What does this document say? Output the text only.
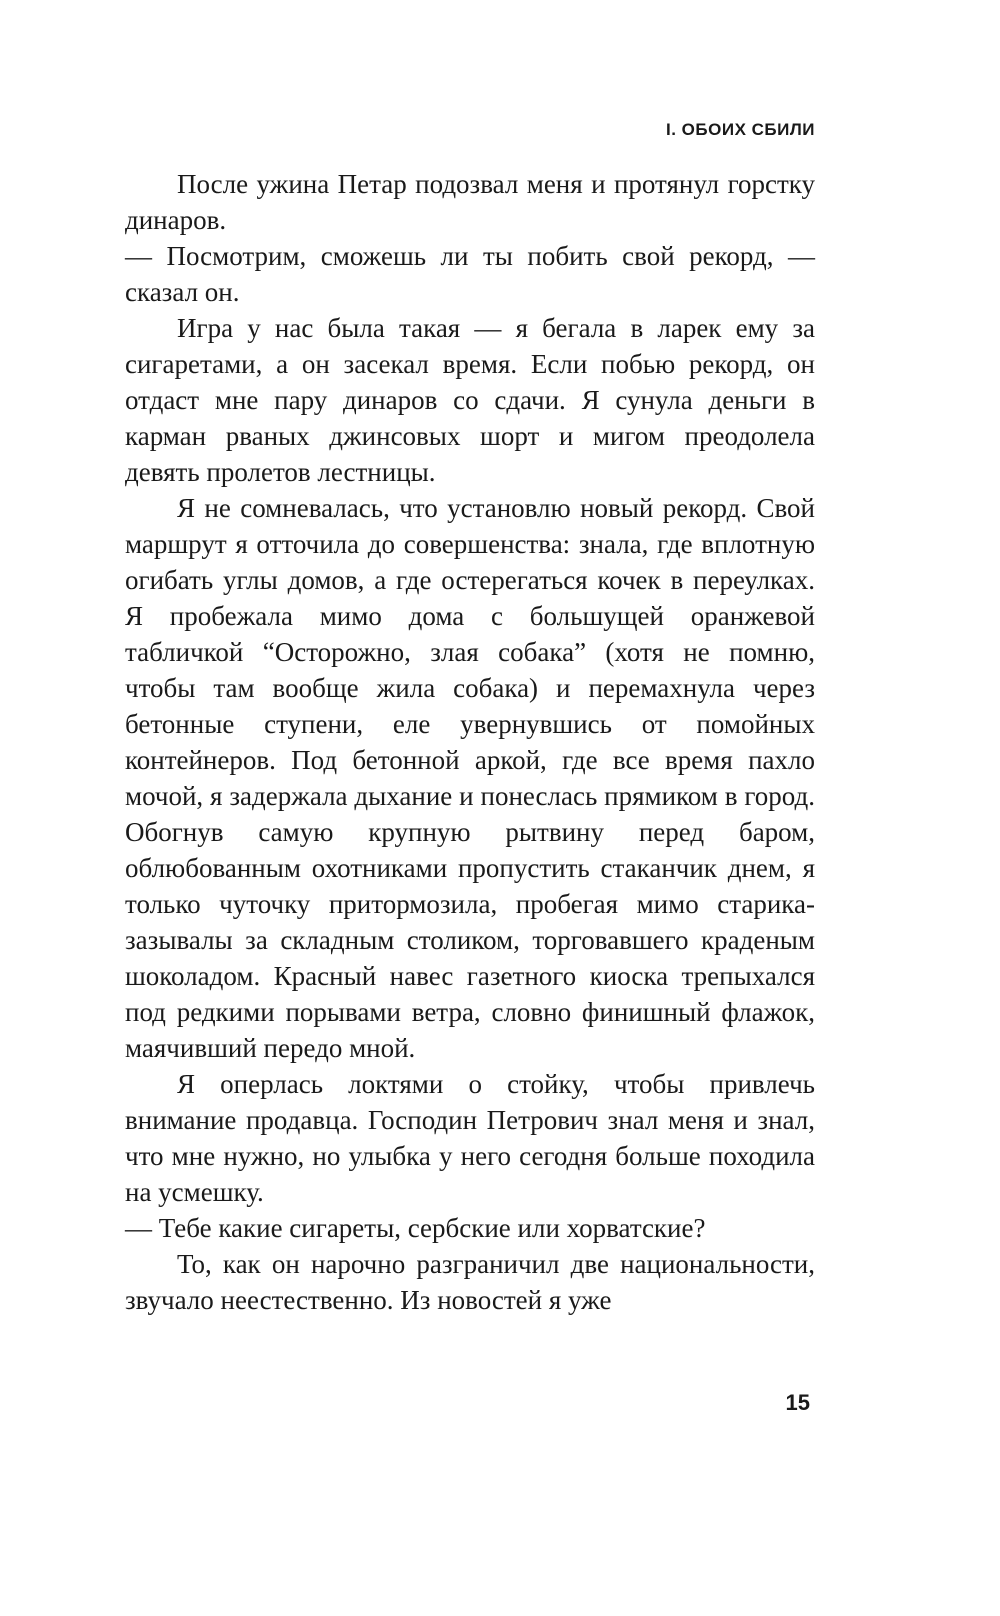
I. ОБОИХ СБИЛИ

После ужина Петар подозвал меня и протянул горстку динаров.

— Посмотрим, сможешь ли ты побить свой рекорд, — сказал он.

Игра у нас была такая — я бегала в ларек ему за сигаретами, а он засекал время. Если побью рекорд, он отдаст мне пару динаров со сдачи. Я сунула деньги в карман рваных джинсовых шорт и мигом преодолела девять пролетов лестницы.

Я не сомневалась, что установлю новый рекорд. Свой маршрут я отточила до совершенства: знала, где вплотную огибать углы домов, а где остерегаться кочек в переулках. Я пробежала мимо дома с большущей оранжевой табличкой “Осторожно, злая собака” (хотя не помню, чтобы там вообще жила собака) и перемахнула через бетонные ступени, еле увернувшись от помойных контейнеров. Под бетонной аркой, где все время пахло мочой, я задержала дыхание и понеслась прямиком в город. Обогнув самую крупную рытвину перед баром, облюбованным охотниками пропустить стаканчик днем, я только чуточку притормозила, пробегая мимо старика-зазывалы за складным столиком, торговавшего краденым шоколадом. Красный навес газетного киоска трепыхался под редкими порывами ветра, словно финишный флажок, маячивший передо мной.

Я оперлась локтями о стойку, чтобы привлечь внимание продавца. Господин Петрович знал меня и знал, что мне нужно, но улыбка у него сегодня больше походила на усмешку.

— Тебе какие сигареты, сербские или хорватские?

То, как он нарочно разграничил две национальности, звучало неестественно. Из новостей я уже

15
